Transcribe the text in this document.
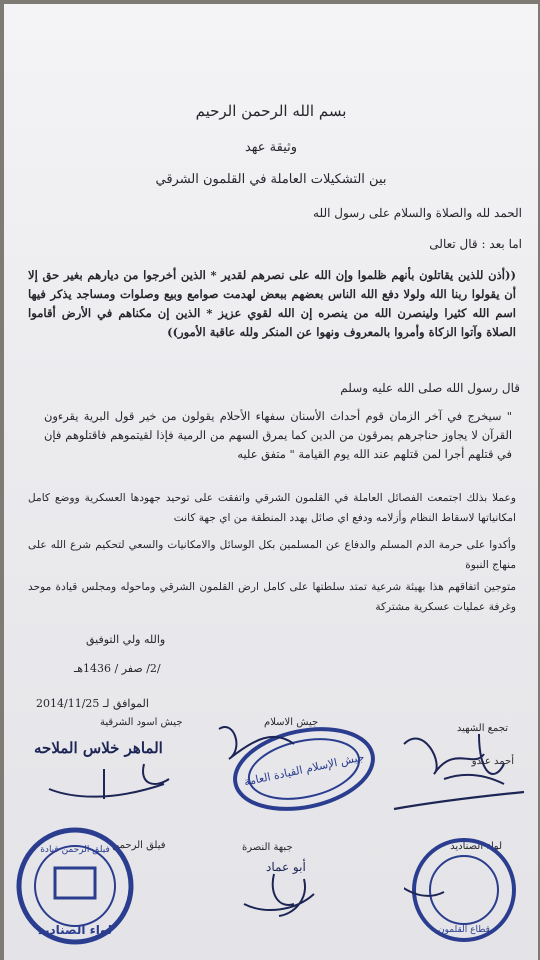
بسم الله الرحمن الرحيم
وثيقة عهد
بين التشكيلات العاملة في القلمون الشرقي
الحمد لله والصلاة والسلام على رسول الله
اما بعد : قال تعالى
((أذن للذين يقاتلون بأنهم ظلموا وإن الله على نصرهم لقدير * الذين أخرجوا من ديارهم بغير حق إلا أن يقولوا ربنا الله ولولا دفع الله الناس بعضهم ببعض لهدمت صوامع وبيع وصلوات ومساجد يذكر فيها اسم الله كثيرا ولينصرن الله من ينصره إن الله لقوي عزيز * الذين إن مكناهم في الأرض أقاموا الصلاة وآتوا الزكاة وأمروا بالمعروف ونهوا عن المنكر ولله عاقبة الأمور))
قال رسول الله صلى الله عليه وسلم
" سيخرج في آخر الزمان قوم أحداث الأسنان سفهاء الأحلام يقولون من خير قول البرية يقرءون القرآن لا يجاوز حناجرهم يمرقون من الدين كما يمرق السهم من الرمية فإذا لقيتموهم فاقتلوهم فإن في قتلهم أجرا لمن قتلهم عند الله يوم القيامة " متفق عليه
وعملا بذلك اجتمعت الفصائل العاملة في القلمون الشرقي واتفقت على توحيد جهودها العسكرية ووضع كامل امكانياتها لاسقاط النظام وأزلامه ودفع اي صائل بهدد المنطقة من اي جهة كانت
وأكدوا على حرمة الدم المسلم والدفاع عن المسلمين بكل الوسائل والامكانيات والسعي لتحكيم شرع الله على منهاج النبوة
متوجين اتفاقهم هذا بهيئة شرعية تمتد سلطتها على كامل ارض القلمون الشرقي وماحوله ومجلس قيادة موحد وغرفة عمليات عسكرية مشتركة
والله ولي التوفيق
/2/ صفر / 1436هـ
الموافق لـ 2014/11/25
تجمع الشهيد
أحمد عبدو
جيش الاسلام
جيش اسود الشرقية
الماهر خلاس الملاحه
لواء الصناديد
جبهة النصرة
أبو عماد
فيلق الرحمن
جيش الإسلام القيادة العامة
لواء الصناديد
فيلق الرحمن قيادة
قطاع القلمون
